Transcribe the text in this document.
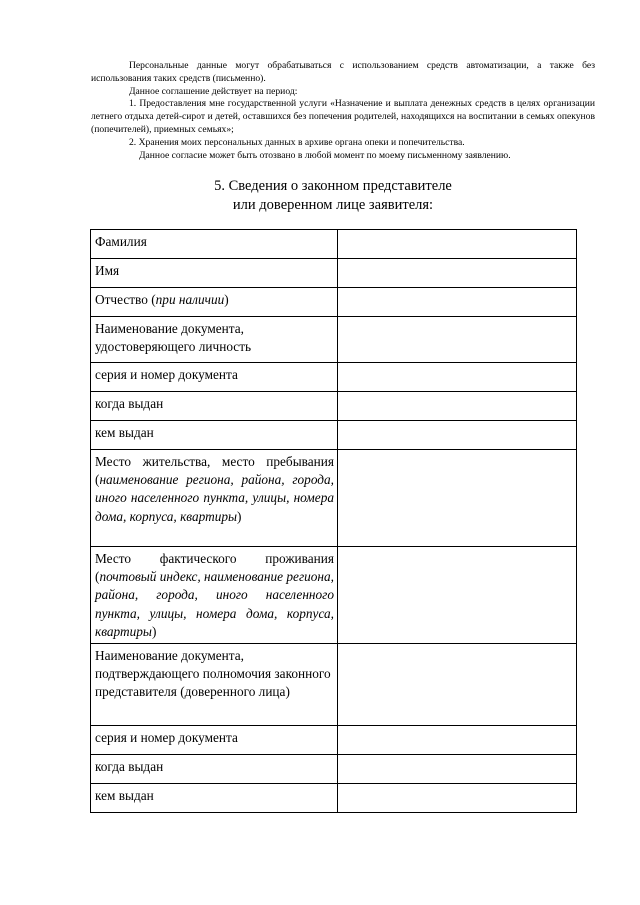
Персональные данные могут обрабатываться с использованием средств автоматизации, а также без использования таких средств (письменно).

Данное соглашение действует на период:

1. Предоставления мне государственной услуги «Назначение и выплата денежных средств в целях организации летнего отдыха детей-сирот и детей, оставшихся без попечения родителей, находящихся на воспитании в семьях опекунов (попечителей), приемных семьях»;

2. Хранения моих персональных данных в архиве органа опеки и попечительства.

Данное согласие может быть отозвано в любой момент по моему письменному заявлению.

5. Сведения о законном представителе
или доверенном лице заявителя:
Фамилия	
Имя	
Отчество (при наличии)	
Наименование документа, удостоверяющего личность	
серия и номер документа	
когда выдан	
кем выдан	
Место жительства, место пребывания (наименование региона, района, города, иного населенного пункта, улицы, номера дома, корпуса, квартиры)	
Место фактического проживания (почтовый индекс, наименование региона, района, города, иного населенного пункта, улицы, номера дома, корпуса, квартиры)	
Наименование документа, подтверждающего полномочия законного представителя (доверенного лица)	
серия и номер документа	
когда выдан	
кем выдан	
